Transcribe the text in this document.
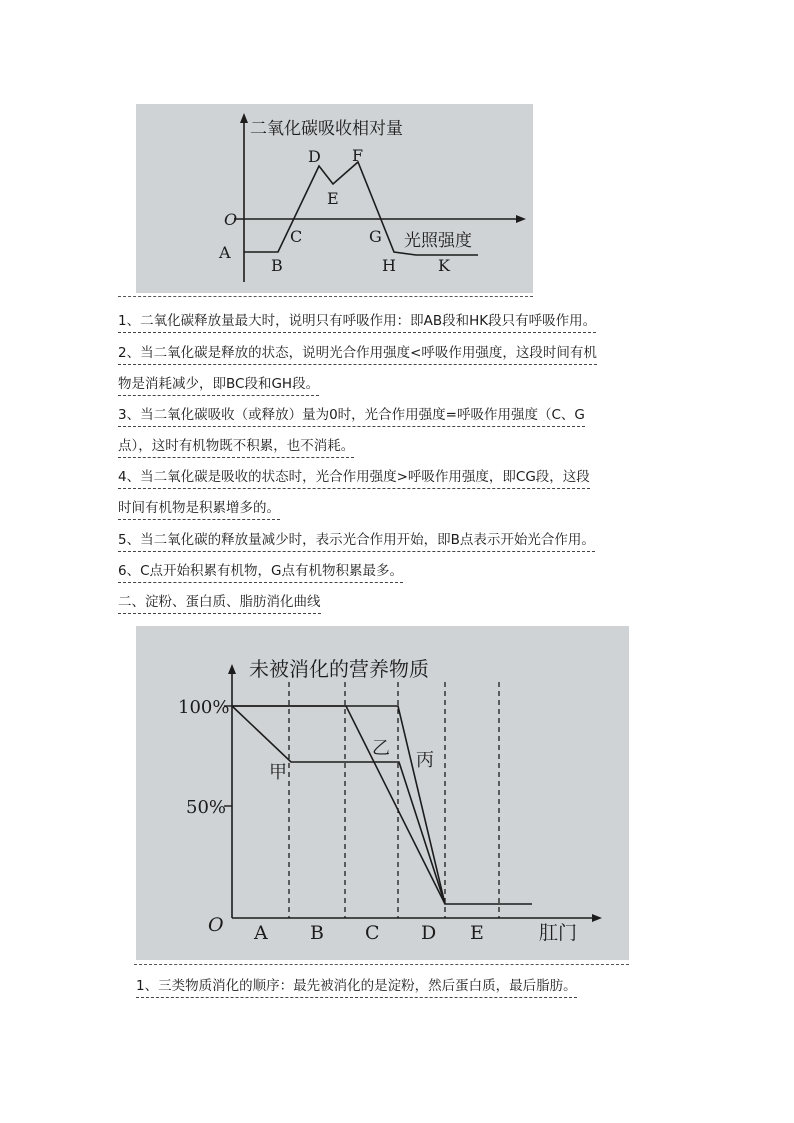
二氧化碳吸收相对量
光照强度
O
A
B
C
D
E
F
G
H	K
1、二氧化碳释放量最大时，说明只有呼吸作用：即AB段和HK段只有呼吸作用。
2、当二氧化碳是释放的状态，说明光合作用强度<呼吸作用强度，这段时间有机
物是消耗减少，即BC段和GH段。
3、当二氧化碳吸收（或释放）量为0时，光合作用强度=呼吸作用强度（C、G
点），这时有机物既不积累，也不消耗。
4、当二氧化碳是吸收的状态时，光合作用强度>呼吸作用强度，即CG段，这段
时间有机物是积累增多的。
5、当二氧化碳的释放量减少时，表示光合作用开始，即B点表示开始光合作用。
6、C点开始积累有机物，G点有机物积累最多。
二、淀粉、蛋白质、脂肪消化曲线
未被消化的营养物质
100%
50%
O A B C D E	肛门
甲
乙
丙
1、三类物质消化的顺序：最先被消化的是淀粉，然后蛋白质，最后脂肪。
